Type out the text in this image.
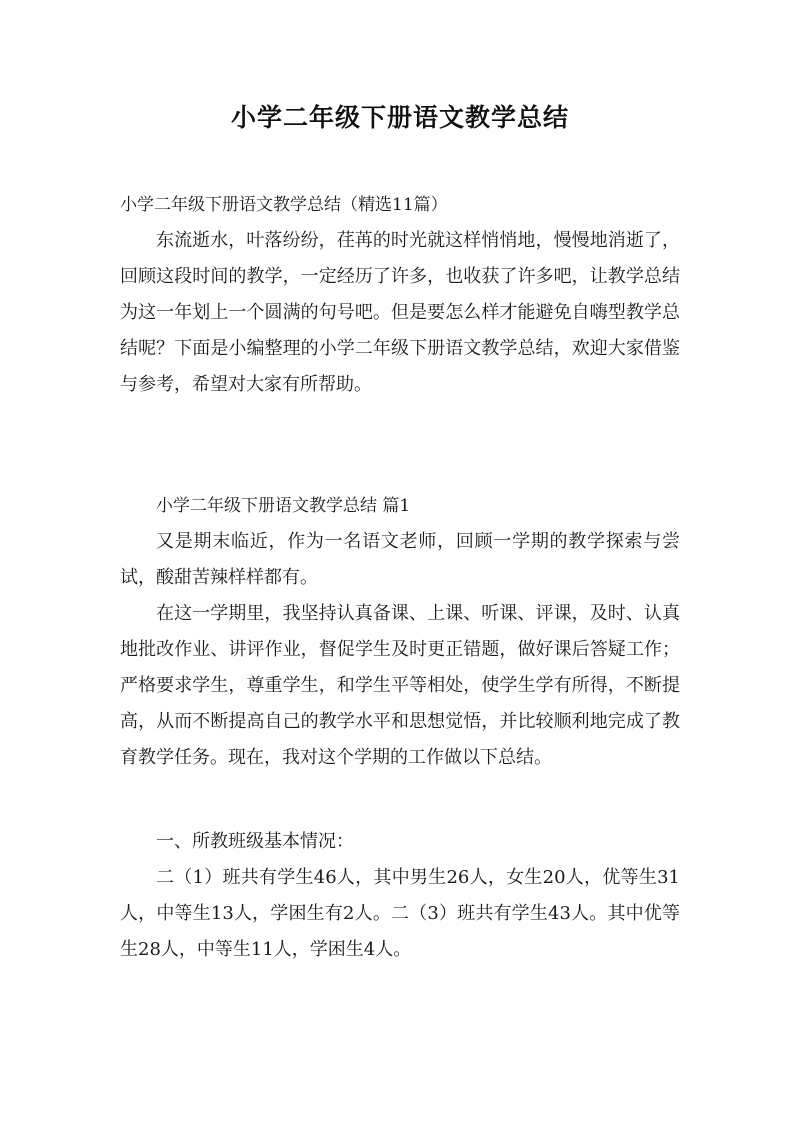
小学二年级下册语文教学总结

小学二年级下册语文教学总结（精选11篇）

东流逝水，叶落纷纷，荏苒的时光就这样悄悄地，慢慢地消逝了，回顾这段时间的教学，一定经历了许多，也收获了许多吧，让教学总结为这一年划上一个圆满的句号吧。但是要怎么样才能避免自嗨型教学总结呢？下面是小编整理的小学二年级下册语文教学总结，欢迎大家借鉴与参考，希望对大家有所帮助。

小学二年级下册语文教学总结 篇1

又是期末临近，作为一名语文老师，回顾一学期的教学探索与尝试，酸甜苦辣样样都有。

在这一学期里，我坚持认真备课、上课、听课、评课，及时、认真地批改作业、讲评作业，督促学生及时更正错题，做好课后答疑工作；严格要求学生，尊重学生，和学生平等相处，使学生学有所得，不断提高，从而不断提高自己的教学水平和思想觉悟，并比较顺利地完成了教育教学任务。现在，我对这个学期的工作做以下总结。

一、所教班级基本情况：

二（1）班共有学生46人，其中男生26人，女生20人，优等生31人，中等生13人，学困生有2人。二（3）班共有学生43人。其中优等生28人，中等生11人，学困生4人。
